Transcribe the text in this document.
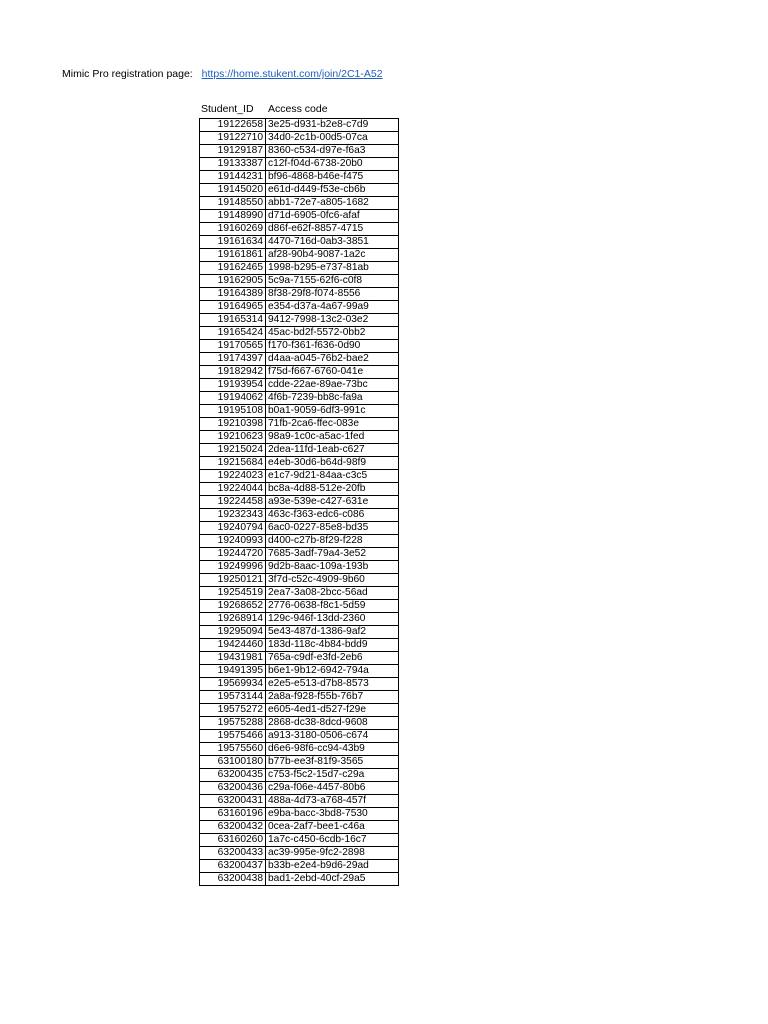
Mimic Pro registration page: https://home.stukent.com/join/2C1-A52
Student_ID Access code
19122658	3e25-d931-b2e8-c7d9
19122710	34d0-2c1b-00d5-07ca
19129187	8360-c534-d97e-f6a3
19133387	c12f-f04d-6738-20b0
19144231	bf96-4868-b46e-f475
19145020	e61d-d449-f53e-cb6b
19148550	abb1-72e7-a805-1682
19148990	d71d-6905-0fc6-afaf
19160269	d86f-e62f-8857-4715
19161634	4470-716d-0ab3-3851
19161861	af28-90b4-9087-1a2c
19162465	1998-b295-e737-81ab
19162905	5c9a-7155-62f6-c0f8
19164389	8f38-29f8-f074-8556
19164965	e354-d37a-4a67-99a9
19165314	9412-7998-13c2-03e2
19165424	45ac-bd2f-5572-0bb2
19170565	f170-f361-f636-0d90
19174397	d4aa-a045-76b2-bae2
19182942	f75d-f667-6760-041e
19193954	cdde-22ae-89ae-73bc
19194062	4f6b-7239-bb8c-fa9a
19195108	b0a1-9059-6df3-991c
19210398	71fb-2ca6-ffec-083e
19210623	98a9-1c0c-a5ac-1fed
19215024	2dea-11fd-1eab-c627
19215684	e4eb-30d6-b64d-98f9
19224023	e1c7-9d21-84aa-c3c5
19224044	bc8a-4d88-512e-20fb
19224458	a93e-539e-c427-631e
19232343	463c-f363-edc6-c086
19240794	6ac0-0227-85e8-bd35
19240993	d400-c27b-8f29-f228
19244720	7685-3adf-79a4-3e52
19249996	9d2b-8aac-109a-193b
19250121	3f7d-c52c-4909-9b60
19254519	2ea7-3a08-2bcc-56ad
19268652	2776-0638-f8c1-5d59
19268914	129c-946f-13dd-2360
19295094	5e43-487d-1386-9af2
19424460	183d-118c-4b84-bdd9
19431981	765a-c9df-e3fd-2eb6
19491395	b6e1-9b12-6942-794a
19569934	e2e5-e513-d7b8-8573
19573144	2a8a-f928-f55b-76b7
19575272	e605-4ed1-d527-f29e
19575288	2868-dc38-8dcd-9608
19575466	a913-3180-0506-c674
19575560	d6e6-98f6-cc94-43b9
63100180	b77b-ee3f-81f9-3565
63200435	c753-f5c2-15d7-c29a
63200436	c29a-f06e-4457-80b6
63200431	488a-4d73-a768-457f
63160196	e9ba-bacc-3bd8-7530
63200432	0cea-2af7-bee1-c46a
63160260	1a7c-c450-6cdb-16c7
63200433	ac39-995e-9fc2-2898
63200437	b33b-e2e4-b9d6-29ad
63200438	bad1-2ebd-40cf-29a5
